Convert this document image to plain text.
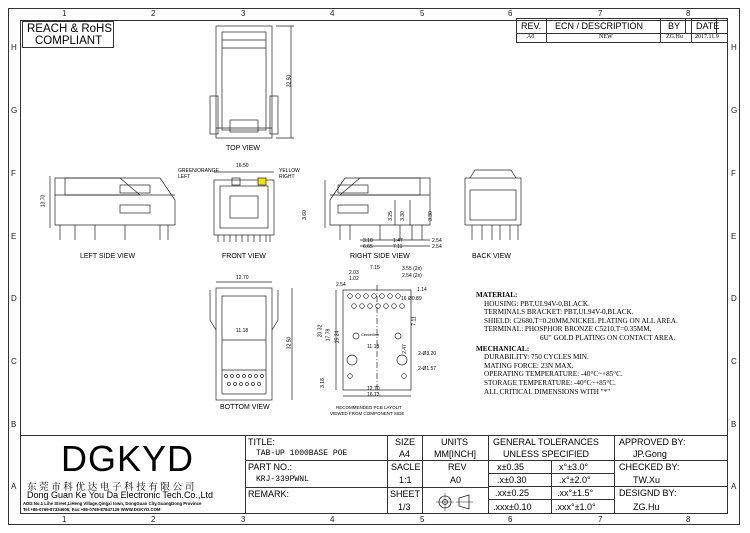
1	2	3	4	5	6	7	8
1	2	3	4	5	6	7	8
H
G
F
E
D
C
B
A
H
G
F
E
D
C
B
A
REACH & RoHS
COMPLIANT
REV. ECN / DESCRIPTION	BY DATE
A0	NEW	ZG.Hu 2017.11.9
TOP VIEW
LEFT SIDE VIEW	FRONT VIEW	RIGHT SIDE VIEW	BACK VIEW
BOTTOM VIEW	RECOMMENDED PCB LAYOUT
VIEWED FROM COMPONENT SIDE
GREEN/ORANGE
LEFT
YELLOW
RIGHT
32.50
16.50
13.70
3.60	3.25 3.30	3.30
3.18	1.47
6.65	7.11
2.54
2.54
12.70
11.18
32.50
7.15
2.03
1.02
2.54
3.55 (2x)
2.54 (2x)
1.14
Ø0.89
16
7.11
20.32 17.78 15.24
11.18	2.47
2-Ø3.20
2-Ø1.57
3.18
12.70
16.13
Centerline
MATERIAL:
HOUSING: PBT,UL94V-0,BLACK.
TERMINALS BRACKET: PBT,UL94V-0,BLACK.
SHIELD: C2680,T=0.20MM,NICKEL PLATING ON ALL AREA.
TERMINAL: PHOSPHOR BRONZE C5210,T=0.35MM,
6U" GOLD PLATING ON CONTACT AREA.
MECHANICAL:
DURABILITY: 750 CYCLES MIN.
MATING FORCE: 23N MAX.
OPERATING TEMPERATURE: -40°C~+85°C.
STORAGE TEMPERATURE: -40°C~+85°C.
ALL CRITICAL DIMENSIONS WITH "*"
DGKYD
东 莞 市 科 优 达 电 子 科 技 有 限 公 司
Dong Guan Ke You Da Electronic Tech.Co.,Ltd
ADD:No.1 Lihe Street,LiHeng Village,Qingxi town, DongGuan City,GuangDong Province
Tel:+86-0769-87334606; Fax:+86-0769-87847129 WWW.DGKYD.COM
TITLE:
TAB-UP 1000BASE POE
PART NO.:
KRJ-339PWNL
REMARK:
SIZE
A4
UNITS
MM[INCH]
SACLE
1:1
REV
A0
SHEET
1/3
GENERAL TOLERANCES
UNLESS SPECIFIED
x±0.35	x°±3.0°
.x±0.30	.x°±2.0°
.xx±0.25	.xx°±1.5°
.xxx±0.10	.xxx°±1.0°
APPROVED BY:
JP.Gong
CHECKED BY:
TW.Xu
DESIGND BY:
ZG.Hu
